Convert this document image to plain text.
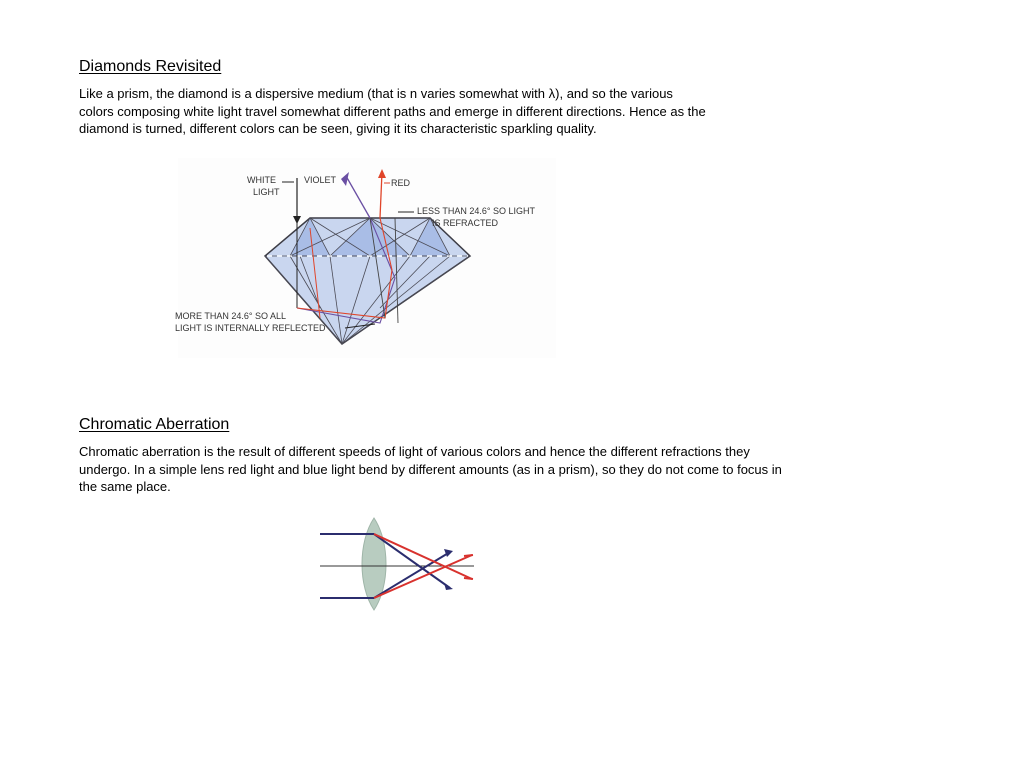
Diamonds Revisited
Like a prism, the diamond is a dispersive medium (that is n varies somewhat with λ), and so the various
colors composing white light travel somewhat different paths and emerge in different directions. Hence as the
diamond is turned, different colors can be seen, giving it its characteristic sparkling quality.
WHITE
LIGHT
VIOLET	RED
LESS THAN 24.6° SO LIGHT
IS REFRACTED
MORE THAN 24.6° SO ALL
LIGHT IS INTERNALLY REFLECTED
Chromatic Aberration
Chromatic aberration is the result of different speeds of light of various colors and hence the different refractions they
undergo. In a simple lens red light and blue light bend by different amounts (as in a prism), so they do not come to focus in
the same place.
